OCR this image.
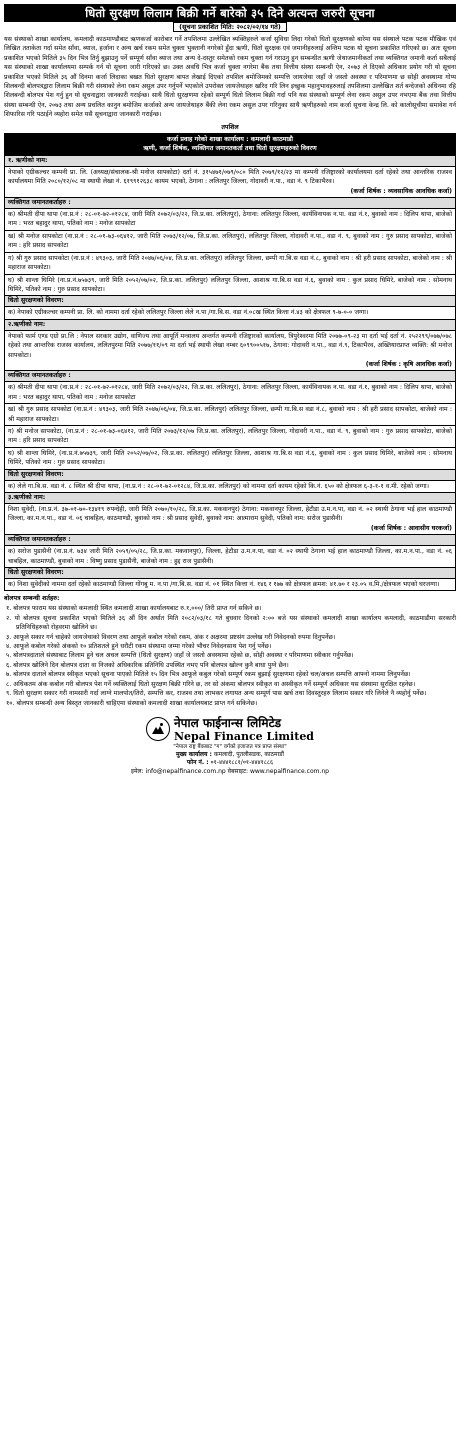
धितो सुरक्षण लिलाम बिक्री गर्ने बारेको ३५ दिने अत्यन्त जरुरी सूचना
(सूचना प्रकाशित मिति: २०८२/०२/१४ गते)
यस संस्थाको शाखा कार्यालय, कमलादी काठमाण्डौबाट ऋणकर्जा कारोबार गर्ने तपशिलमा उल्लेखित ब्यक्तिहरुले कर्जा सुविधा लिदा गरेको धितो सुरक्षणको बारेमा यस संस्थाले पटक पटक मौखिक एवं लिखित तताकेता गर्दा समेत साँवा, ब्याज, हर्जाना र अन्य खर्च रकम समेत चुक्ता भुक्तानी नगरेको हुँदा ऋणी, धितो सुरक्षक एवं जमानीहरुलाई अन्तिम पटक यो सूचना प्रकाशित गरिएको छ। अतः सूचना प्रकाशित भएको मितिले ३५ दिन भित्र तिर्नु बुझाउनु पर्ने सम्पूर्ण साँवा ब्याज तथा अन्य दे-दस्तुर समेतको रकम चुक्ता गर्न गराउनु हुन सम्बन्धीत ऋणी जेथाजमानीकर्ता तथा व्यक्तिगत जमानी कर्ता सबैलाई यस संस्थाको शाखा कार्यालयमा सम्पर्क गर्न यो सूचना जारी गरिएको छ। उक्त अवधि भित्र कर्जा चुक्ता नगरेमा बैंक तथा वित्तीय संस्था सम्बन्धी ऐन, २०७३ ले दिएको अधिकार प्रयोग गरी यो सूचना प्रकाशित भएको मितिले ३६ औं दिनमा कर्जा लिदाका बखत धितो सुरक्षण बापत लेखाई दिएको तपशिल बमोजिमको सम्पत्ति जायजेथा जहाँ जे जस्तो अवस्था र परिमाणमा छ सोही अवस्थामा गोप्य शिलबन्दी बोलपत्रद्वारा लिलाम बिक्री गरी संस्थाको लेना रकम असुल उपर गर्नुपर्ने भएकोले उपरोक्त जायजेथाहरु खरिद गरि लिन इच्छुक महानुभावहरुलाई तपशिलमा उल्लेखित शर्त बन्देजको अधिनमा रहि शिलबन्दी बोलपत्र पेश गर्नु हुन यो सूचनाद्वारा जानकारी गराईन्छ। साथै धितो सुरक्षणमा रहेको सम्पूर्ण धितो लिलाम बिक्री गर्दा पनि यस संस्थाको सम्पूर्ण लेना रकम असुल उपर नभएमा बैंक तथा वित्तीय संस्था सम्बन्धी ऐन, २०७३ तथा अन्य प्रचलित कानुन बमोजिम कर्जाको अन्य जायजेथाहरु बैंकी लेना रकम असुल उपर गरिनुका साथै ऋणीहरुको नाम कर्जा सूचना केन्द्र लि. को कालोसूचीमा समावेश गर्न शिफारिस गरि पठाईने व्यहोरा समेत यसै सूचनाद्वारा जानकारी गराईन्छ।
तपशिल
कर्जा प्रवाह गरेको शाखा कार्यालय : कमलादी काठमाडौ
ऋणी, कर्जा शिर्षक, व्यक्तिगत जमानतकर्ता तथा धितो सुरक्षणहरुको विवरण
१. ऋणीको नाम:
नेपाको एग्रीकल्चर कम्पनी प्रा. लि. (अध्यक्ष/संचालक-श्री मनोज सापकोटा) दर्ता नं. ३१५४७१/०७९/०८० मिति २०७९/१२/२३ मा कम्पनी रजिष्ट्रारको कार्यालयमा दर्ता रहेको तथा आन्तरिक राजश्व कार्यालयमा मिति २०८०/१२/०८ मा स्थायी लेखा नं. ६१९९१२६३८ कायम भएको, ठेगाना : ललितपुर जिल्ला, गोदावरी न.पा., वडा नं. ९ टिकाभैरव।
(कर्जा शिर्षक : व्यवसायिक आवधिक कर्जा)
व्यक्तिगत जमानतकर्ताहरु :
क) श्रीमती दीपा थापा (ना.प्र.नं : २८-०१-७२-०१२८४, जारी मिति २०७२/०३/२२, जि.प्र.का. ललितपुर), ठेगाना: ललितपुर जिल्ला, कार्यविनायक न.पा. वडा नं.१, बुवाको नाम : दिलिप थापा, बाजेको नाम : भरत बहादुर थापा, पतिको नाम : मनोज सापकोटा
ख) श्री मनोज सापकोटा (ना.प्र.नं : २८-०१-७३-०६४१२, जारी मिति २०७३/१२/०७, जि.प्र.का. ललितपुर), ललितपुर जिल्ला, गोदावरी न.पा., वडा नं. ९, बुवाको नाम : गुरु प्रसाद सापकोटा, बाजेको नाम : हरि प्रसाद सापकोटा
ग) श्री गुरु प्रसाद सापकोटा (ना.प्र.नं : ४९३०३, जारी मिति २०४७/०६/०४, जि.प्र.का. ललितपुर) ललितपुर जिल्ला, छम्पी गा.बि.स वडा नं.८, बुवाको नाम : श्री हरी प्रसाद सापकोटा, बाजेको नाम : श्री महाराज सापकोटा।
घ) श्री शान्ता घिमिरे (ना.प्र.नं.७५७३९, जारी मिति २०५२/०७/०२, जि.प्र.का. ललितपुर) ललितपुर जिल्ला, आशाश्र गा.बि.स वडा नं.६, बुवाको नाम : कुल प्रसाद घिमिरे, बाजेको नाम : सोमनाथ घिमिरे, पतिको नाम : गुरु प्रसाद सापकोटा।
धितो सुरक्षणको विवरण:
क) नेपाको एग्रीकल्चर कम्पनी प्रा. लि. को नाममा दर्ता रहेको ललितपुर जिल्ला लेले न.पा /गा.बि.स. वडा नं.०८ख स्थित कित्ता नं.४३ को क्षेत्रफल ९-७-०-० जग्गा।
२.ऋणीको नाम:
नेपाको फार्म एण्ड एग्रो प्रा.लि : नेपाल सरकार उद्योग, वाणिज्य तथा आपूर्ति मन्त्रालय अन्तर्गत कम्पनी रजिष्ट्रारको कार्यालय, त्रिपुरेश्वरमा मिति २०७७-०९-२३ मा दर्ता भई दर्ता नं. २५२२९९/०७७/०७८ रहेको तथा आन्तरिक राजस्व कार्यालय, ललितपुरमा मिति २०७७/११/०९ मा दर्ता भई स्थायी लेखा नम्बर ६०९९००५१७, ठेगाना: गोदावरी न.पा., वडा नं.९, टिकाभैरव, अख्तियारप्राप्त व्यक्ति: श्री मनोज सापकोटा।
(कर्जा शिर्षक : कृषि आवधिक कर्जा)
व्यक्तिगत जमानतकर्ताहरु :
क) श्रीमती दीपा थापा (ना.प्र.नं : २८-०१-७२-०१२८४, जारी मिति २०७२/०३/२२, जि.प्र.का. ललितपुर), ठेगाना: ललितपुर जिल्ला, कार्यविनायक न.पा. वडा नं.१, बुवाको नाम : दिलिप थापा, बाजेको नाम : भरत बहादुर थापा, पतिको नाम : मनोज सापकोटा
ख) श्री गुरु प्रसाद सापकोटा (ना.प्र.नं : ४९३०३, जारी मिति २०४७/०६/०४, जि.प्र.का. ललितपुर) ललितपुर जिल्ला, छम्पी गा.बि.स वडा नं.८, बुवाको नाम : श्री हरी प्रसाद सापकोटा, बाजेको नाम : श्री महाराज सापकोटा।
ग) श्री मनोज सापकोटा, (ना.प्र.नं : २८-०१-७३-०६४१२, जारी मिति २०७३/१२/०७ जि.प्र.का. ललितपुर), ललितपुर जिल्ला, गोदावरी न.पा., वडा नं. ९, बुवाको नाम : गुरु प्रसाद सापकोटा, बाजेको नाम : हरि प्रसाद सापकोटा
घ) श्री शान्ता घिमिरे, (ना.प्र.नं.७५७३९, जारी मिति २०५२/०७/०२, जि.प्र.का. ललितपुर) ललितपुर जिल्ला, आशाश्र गा.बि.स वडा नं.६, बुवाको नाम : कुल प्रसाद घिमिरे, बाजेको नाम : सोमनाथ घिमिरे, पतिको नाम : गुरु प्रसाद सापकोटा।
धितो सुरक्षणको विवरण:
क) लेले गा.बि.स. वडा नं. ८ स्थित श्री दीपा थापा, (ना.प्र.नं : २८-०१-७२-०१२८४, जि.प्र.का. ललितपुर) को नाममा दर्ता कायम रहेको कि.नं. ६५० को क्षेत्रफल ६-३-१-१ व.मी. रहेको जग्गा।
३.ऋणीको नाम:
निशा सुवेदी, (ना.प्र.नं. ३७-०१-७०-१३४१९ रुपन्देही, जारी मिति २०७०/१०/२८, जि.प्र.का. मकवानपुर) ठेगाना: मकवानपुर जिल्ला, हेटौडा उ.म.न.पा, वडा नं. ०२ स्थायी ठेगाना भई हाल काठमाण्डौ जिल्ला, का.म.न.पा., वडा नं. ०६ चाबहिल, काठमाण्डौ, बुवाको नाम : श्री प्रसाद सुवेदी, बुवाको नाम: आत्माराम सुवेदी, पतिको नाम: सरोज पुडासैनी।
(कर्जा शिर्षक : आवासीय घरकर्जा)
व्यक्तिगत जमानतकर्ताहरु :
क) सरोज पुडासैनी (ना.प्र.नं. ७३४ जारी मिति २०५९/०५/२८, जि.प्र.का. मकवानपुर), जिल्ला, हेटौडा उ.म.न.पा, वडा नं. ०२ स्थायी ठेगाना भई हाल काठमाण्डौ जिल्ला, का.म.न.पा., वडा नं. ०६ चाबहिल, काठमाण्डौ, बुवाको नाम : विष्णु प्रसाद पुडासैनी, बाजेको नाम : हुद्द राज पुडासैनी।
धितो सुरक्षणको विवरण:
क) निशा सुवेदीको नाममा दर्ता रहेको काठमाण्डौ जिल्ला गोंगबु म. न.पा /गा.बि.स. वडा नं. ०१ स्थित कित्ता नं. १४६ र १७७ को क्षेत्रफल क्रमश: ४१.७० र २३.०५ व.मि./क्षेत्रफल भएको घरजग्गा।
बोलपत्र सम्बन्धी शर्तहरु:
१. बोलपत्र फाराम यस संस्थाको कमलादी स्थित कमलादी शाखा कार्यालयबाट रु.१,०००/ तिरी प्राप्त गर्न सकिने छ।
२. यो बोलपत्र सूचना प्रकाशित भएको मितिले ३६ औं दिन अर्थात मिति २०८२/०३/१८ गते बुधवार दिनको २:०० बजे यस संस्थाको कमलादी शाखा कार्यालय कमलादी, काठमाडौमा सरकारी प्रतिनिधिहरुको रोहवरमा खोलिने छ।
३. आफूले सकार गर्न चाहेको जायजेथाको विवरण तथा आफूले कबोल गरेको रकम, अंक र अक्षरमा प्रष्टसंग उल्लेख गरी निवेदनको रुपमा दिनुपर्नेछ।
४. आफूले कबोल गरेको अंकको १० प्रतिशतले हुने धरौटी रकम संस्थामा जम्मा गरेको भौचर निवेदनसाथ पेश गर्नु पर्नेछ।
५. बोलपत्रदाताले संस्थाबाट लिलाम हुने चल अचल सम्पत्ति (धितो सुरक्षण) जहाँ जे जस्तो अवस्थामा रहेको छ, सोही अवस्था र परिमाणमा स्वीकार गर्नुपर्नेछ।
६. बोलपत्र खोलिने दिन बोलपत्र दाता वा निजको अधिकारिक प्रतिनिधि उपस्थित नभए पनि बोलपत्र खोल्न कुनै बाधा पुग्ने छैन।
७. बोलपत्र दाताले बोलपत्र स्वीकृत भएको सूचना पाएको मितिले १५ दिन भित्र आफूले कबुल गरेको सम्पूर्ण रकम बुझाई सुरक्षणमा रहेको चल/अचल सम्पत्ति आफ्नो नाममा लिनुपर्नेछ।
८. अधिकतम अंक कबोल गरी बोलपत्र पेश गर्ने व्यक्तिलाई धितो सुरक्षण बिक्री गरिने छ, तर सो अंकमा बोलपत्र स्वीकृत वा अस्वीकृत गर्ने सम्पूर्ण अधिकार यस संस्थामा सुरक्षित रहनेछ।
९. धितो सुरक्षण सकार गरी नामसारी गर्दा लाग्ने मालपोत/तिरो, सम्पत्ति कर, राजश्व तथा लाभकर लगायत अन्य सम्पूर्ण पास खर्च तथा दिवस्तुरहरु लिलाम सकार गरि लिनेले नै व्यहोर्नु पर्नेछ।
१०. बोलपत्र सम्बन्धी अन्य बिस्तृत जानकारी चाहिएमा संस्थाको कमलादी शाखा कार्यालयबाट प्राप्त गर्न सकिनेछ।
नेपाल फाईनान्स लिमिटेड
Nepal Finance Limited
"नेपाल राष्ट्र बैंकबाट "ग" वर्गको इजाजत पत्र प्राप्त संस्था"
मुख्य कार्यालय : कमलादी, पुतलीसडक, काठमाडौं
फोन नं. : ०१-४४४१८८१/०१-४४४१८८६
इमेल: info@nepalfinance.com.np वेबसाइट: www.nepalfinance.com.np
